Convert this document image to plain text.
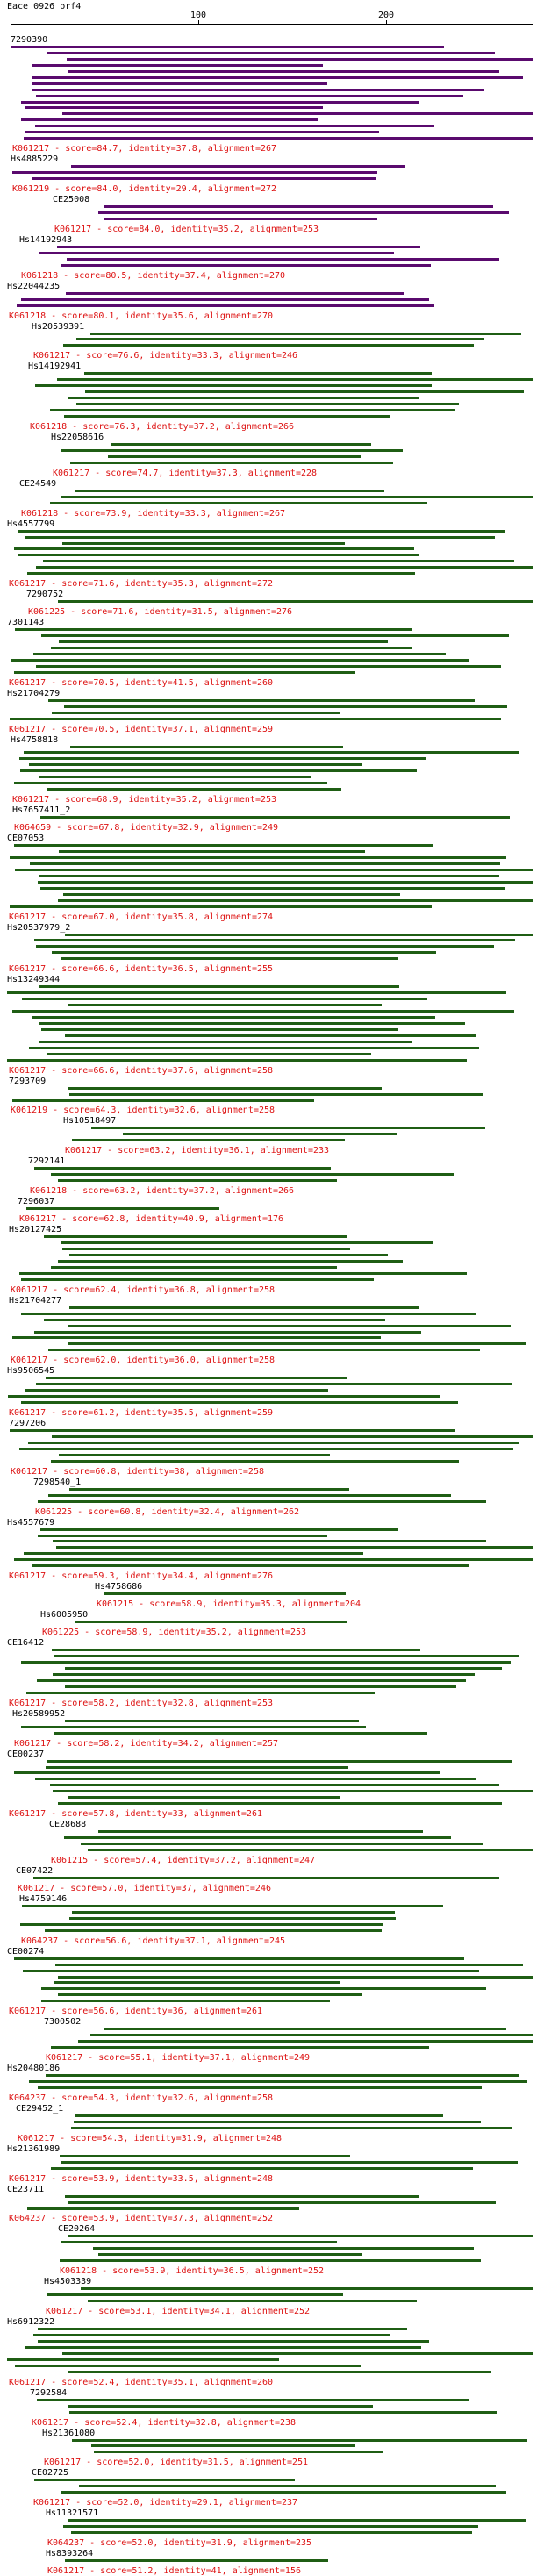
Eace_0926_orf4
100	200
7290390
K061217 - score=84.7, identity=37.8, alignment=267
Hs4885229
K061219 - score=84.0, identity=29.4, alignment=272
CE25008
K061217 - score=84.0, identity=35.2, alignment=253
Hs14192943
K061218 - score=80.5, identity=37.4, alignment=270
Hs22044235
K061218 - score=80.1, identity=35.6, alignment=270
Hs20539391
K061217 - score=76.6, identity=33.3, alignment=246
Hs14192941
K061218 - score=76.3, identity=37.2, alignment=266
Hs22058616
K061217 - score=74.7, identity=37.3, alignment=228
CE24549
K061218 - score=73.9, identity=33.3, alignment=267
Hs4557799
K061217 - score=71.6, identity=35.3, alignment=272
7290752
K061225 - score=71.6, identity=31.5, alignment=276
7301143
K061217 - score=70.5, identity=41.5, alignment=260
Hs21704279
K061217 - score=70.5, identity=37.1, alignment=259
Hs4758818
K061217 - score=68.9, identity=35.2, alignment=253
Hs7657411_2
K064659 - score=67.8, identity=32.9, alignment=249
CE07053
K061217 - score=67.0, identity=35.8, alignment=274
Hs20537979_2
K061217 - score=66.6, identity=36.5, alignment=255
Hs13249344
K061217 - score=66.6, identity=37.6, alignment=258
7293709
K061219 - score=64.3, identity=32.6, alignment=258
Hs10518497
K061217 - score=63.2, identity=36.1, alignment=233
7292141
K061218 - score=63.2, identity=37.2, alignment=266
7296037
K061217 - score=62.8, identity=40.9, alignment=176
Hs20127425
K061217 - score=62.4, identity=36.8, alignment=258
Hs21704277
K061217 - score=62.0, identity=36.0, alignment=258
Hs9506545
K061217 - score=61.2, identity=35.5, alignment=259
7297206
K061217 - score=60.8, identity=38, alignment=258
7298540_1
K061225 - score=60.8, identity=32.4, alignment=262
Hs4557679
K061217 - score=59.3, identity=34.4, alignment=276
Hs4758686
K061215 - score=58.9, identity=35.3, alignment=204
Hs6005950
K061225 - score=58.9, identity=35.2, alignment=253
CE16412
K061217 - score=58.2, identity=32.8, alignment=253
Hs20589952
K061217 - score=58.2, identity=34.2, alignment=257
CE00237
K061217 - score=57.8, identity=33, alignment=261
CE28688
K061215 - score=57.4, identity=37.2, alignment=247
CE07422
K061217 - score=57.0, identity=37, alignment=246
Hs4759146
K064237 - score=56.6, identity=37.1, alignment=245
CE00274
K061217 - score=56.6, identity=36, alignment=261
7300502
K061217 - score=55.1, identity=37.1, alignment=249
Hs20480186
K064237 - score=54.3, identity=32.6, alignment=258
CE29452_1
K061217 - score=54.3, identity=31.9, alignment=248
Hs21361989
K061217 - score=53.9, identity=33.5, alignment=248
CE23711
K064237 - score=53.9, identity=37.3, alignment=252
CE20264
K061218 - score=53.9, identity=36.5, alignment=252
Hs4503339
K061217 - score=53.1, identity=34.1, alignment=252
Hs6912322
K061217 - score=52.4, identity=35.1, alignment=260
7292584
K061217 - score=52.4, identity=32.8, alignment=238
Hs21361080
K061217 - score=52.0, identity=31.5, alignment=251
CE02725
K061217 - score=52.0, identity=29.1, alignment=237
Hs11321571
K064237 - score=52.0, identity=31.9, alignment=235
Hs8393264
K061217 - score=51.2, identity=41, alignment=156
